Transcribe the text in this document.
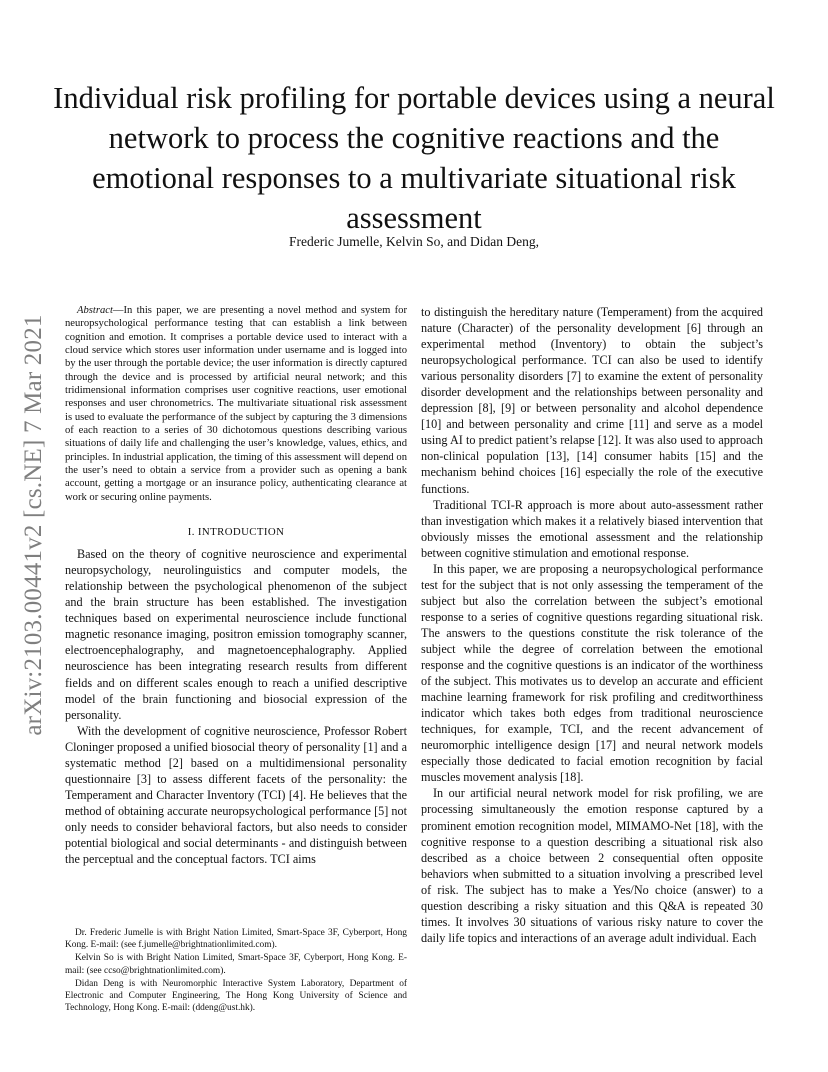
arXiv:2103.00441v2 [cs.NE] 7 Mar 2021
Individual risk profiling for portable devices using a neural network to process the cognitive reactions and the emotional responses to a multivariate situational risk assessment
Frederic Jumelle, Kelvin So, and Didan Deng,

Abstract—In this paper, we are presenting a novel method and system for neuropsychological performance testing that can establish a link between cognition and emotion. It comprises a portable device used to interact with a cloud service which stores user information under username and is logged into by the user through the portable device; the user information is directly captured through the device and is processed by artificial neural network; and this tridimensional information comprises user cognitive reactions, user emotional responses and user chronometrics. The multivariate situational risk assessment is used to evaluate the performance of the subject by capturing the 3 dimensions of each reaction to a series of 30 dichotomous questions describing various situations of daily life and challenging the user’s knowledge, values, ethics, and principles. In industrial application, the timing of this assessment will depend on the user’s need to obtain a service from a provider such as opening a bank account, getting a mortgage or an insurance policy, authenticating clearance at work or securing online payments.

I. INTRODUCTION

Based on the theory of cognitive neuroscience and experimental neuropsychology, neurolinguistics and computer models, the relationship between the psychological phenomenon of the subject and the brain structure has been established. The investigation techniques based on experimental neuroscience include functional magnetic resonance imaging, positron emission tomography scanner, electroencephalography, and magnetoencephalography. Applied neuroscience has been integrating research results from different fields and on different scales enough to reach a unified descriptive model of the brain functioning and biosocial expression of the personality.

With the development of cognitive neuroscience, Professor Robert Cloninger proposed a unified biosocial theory of personality [1] and a systematic method [2] based on a multidimensional personality questionnaire [3] to assess different facets of the personality: the Temperament and Character Inventory (TCI) [4]. He believes that the method of obtaining accurate neuropsychological performance [5] not only needs to consider behavioral factors, but also needs to consider potential biological and social determinants - and distinguish between the perceptual and the conceptual factors. TCI aims

to distinguish the hereditary nature (Temperament) from the acquired nature (Character) of the personality development [6] through an experimental method (Inventory) to obtain the subject’s neuropsychological performance. TCI can also be used to identify various personality disorders [7] to examine the extent of personality disorder development and the relationships between personality and depression [8], [9] or between personality and alcohol dependence [10] and between personality and crime [11] and serve as a model using AI to predict patient’s relapse [12]. It was also used to approach non-clinical population [13], [14] consumer habits [15] and the mechanism behind choices [16] especially the role of the executive functions.

Traditional TCI-R approach is more about auto-assessment rather than investigation which makes it a relatively biased intervention that obviously misses the emotional assessment and the relationship between cognitive stimulation and emotional response.

In this paper, we are proposing a neuropsychological performance test for the subject that is not only assessing the temperament of the subject but also the correlation between the subject’s emotional response to a series of cognitive questions regarding situational risk. The answers to the questions constitute the risk tolerance of the subject while the degree of correlation between the emotional response and the cognitive questions is an indicator of the worthiness of the subject. This motivates us to develop an accurate and efficient machine learning framework for risk profiling and creditworthiness indicator which takes both edges from traditional neuroscience techniques, for example, TCI, and the recent advancement of neuromorphic intelligence design [17] and neural network models especially those dedicated to facial emotion recognition by facial muscles movement analysis [18].

In our artificial neural network model for risk profiling, we are processing simultaneously the emotion response captured by a prominent emotion recognition model, MIMAMO-Net [18], with the cognitive response to a question describing a situational risk also described as a choice between 2 consequential often opposite behaviors when submitted to a situation involving a prescribed level of risk. The subject has to make a Yes/No choice (answer) to a question describing a risky situation and this Q&A is repeated 30 times. It involves 30 situations of various risky nature to cover the daily life topics and interactions of an average adult individual. Each

Dr. Frederic Jumelle is with Bright Nation Limited, Smart-Space 3F, Cyberport, Hong Kong. E-mail: (see f.jumelle@brightnationlimited.com).

Kelvin So is with Bright Nation Limited, Smart-Space 3F, Cyberport, Hong Kong. E-mail: (see ccso@brightnationlimited.com).

Didan Deng is with Neuromorphic Interactive System Laboratory, Department of Electronic and Computer Engineering, The Hong Kong University of Science and Technology, Hong Kong. E-mail: (ddeng@ust.hk).
